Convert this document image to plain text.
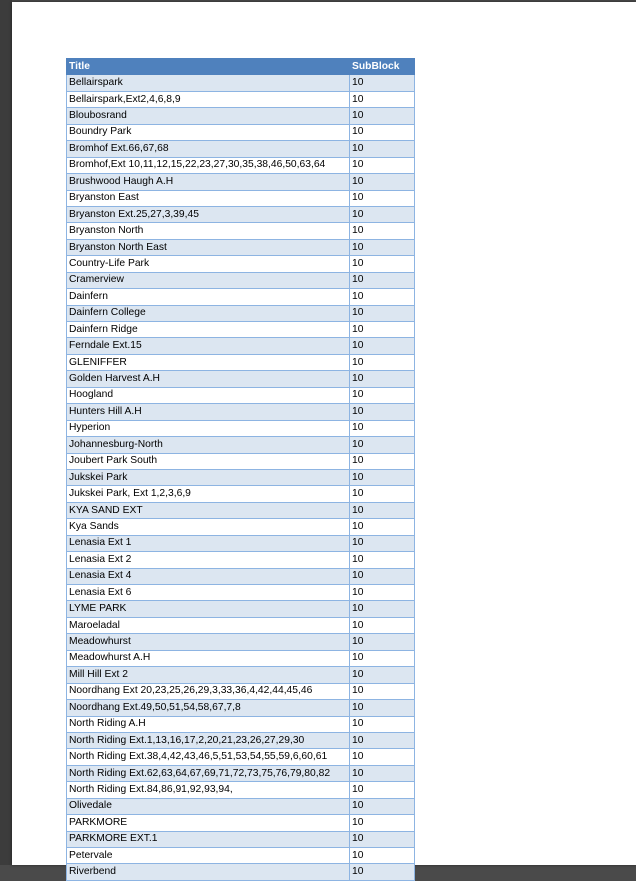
Title	SubBlock
Bellairspark	10
Bellairspark,Ext2,4,6,8,9	10
Bloubosrand	10
Boundry Park	10
Bromhof Ext.66,67,68	10
Bromhof,Ext 10,11,12,15,22,23,27,30,35,38,46,50,63,64	10
Brushwood Haugh A.H	10
Bryanston East	10
Bryanston Ext.25,27,3,39,45	10
Bryanston North	10
Bryanston North East	10
Country-Life Park	10
Cramerview	10
Dainfern	10
Dainfern College	10
Dainfern Ridge	10
Ferndale Ext.15	10
GLENIFFER	10
Golden Harvest A.H	10
Hoogland	10
Hunters Hill A.H	10
Hyperion	10
Johannesburg-North	10
Joubert Park South	10
Jukskei Park	10
Jukskei Park, Ext 1,2,3,6,9	10
KYA SAND EXT	10
Kya Sands	10
Lenasia Ext 1	10
Lenasia Ext 2	10
Lenasia Ext 4	10
Lenasia Ext 6	10
LYME PARK	10
Maroeladal	10
Meadowhurst	10
Meadowhurst A.H	10
Mill Hill Ext 2	10
Noordhang Ext 20,23,25,26,29,3,33,36,4,42,44,45,46	10
Noordhang Ext.49,50,51,54,58,67,7,8	10
North Riding A.H	10
North Riding Ext.1,13,16,17,2,20,21,23,26,27,29,30	10
North Riding Ext.38,4,42,43,46,5,51,53,54,55,59,6,60,61	10
North Riding Ext.62,63,64,67,69,71,72,73,75,76,79,80,82	10
North Riding Ext.84,86,91,92,93,94,	10
Olivedale	10
PARKMORE	10
PARKMORE EXT.1	10
Petervale	10
Riverbend	10
